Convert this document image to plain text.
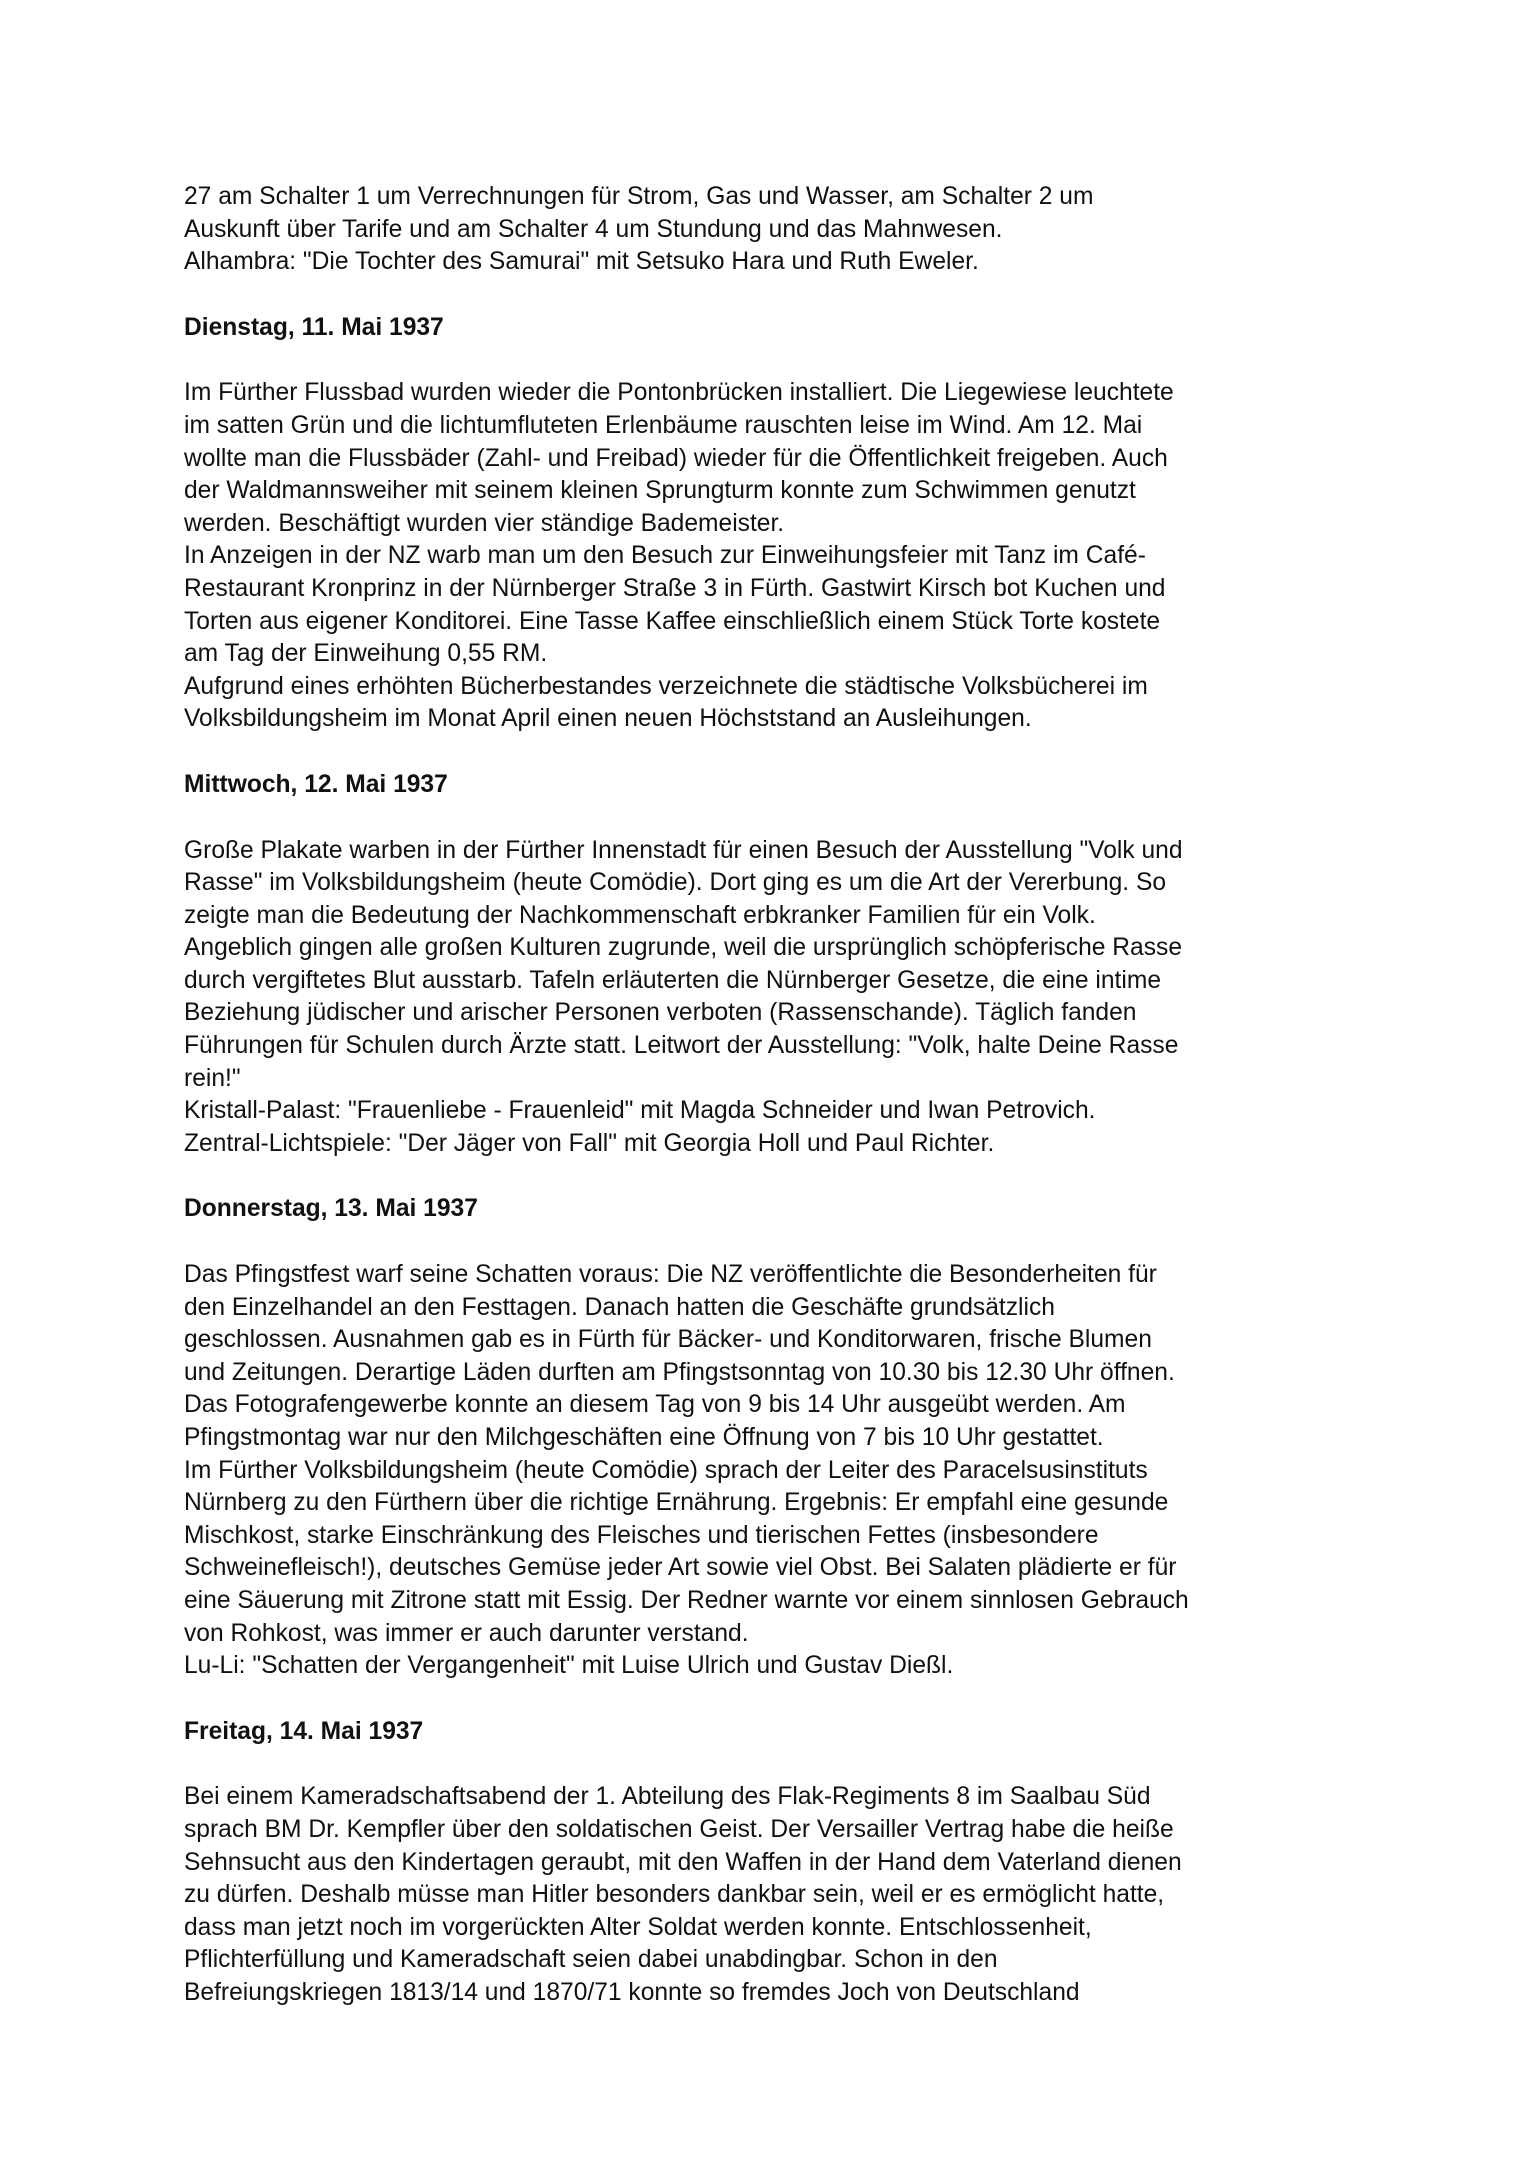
27 am Schalter 1 um Verrechnungen für Strom, Gas und Wasser, am Schalter 2 um
Auskunft über Tarife und am Schalter 4 um Stundung und das Mahnwesen.
Alhambra: "Die Tochter des Samurai" mit Setsuko Hara und Ruth Eweler.

Dienstag, 11. Mai 1937

Im Fürther Flussbad wurden wieder die Pontonbrücken installiert. Die Liegewiese leuchtete
im satten Grün und die lichtumfluteten Erlenbäume rauschten leise im Wind. Am 12. Mai
wollte man die Flussbäder (Zahl- und Freibad) wieder für die Öffentlichkeit freigeben. Auch
der Waldmannsweiher mit seinem kleinen Sprungturm konnte zum Schwimmen genutzt
werden. Beschäftigt wurden vier ständige Bademeister.
In Anzeigen in der NZ warb man um den Besuch zur Einweihungsfeier mit Tanz im Café-
Restaurant Kronprinz in der Nürnberger Straße 3 in Fürth. Gastwirt Kirsch bot Kuchen und
Torten aus eigener Konditorei. Eine Tasse Kaffee einschließlich einem Stück Torte kostete
am Tag der Einweihung 0,55 RM.
Aufgrund eines erhöhten Bücherbestandes verzeichnete die städtische Volksbücherei im
Volksbildungsheim im Monat April einen neuen Höchststand an Ausleihungen.

Mittwoch, 12. Mai 1937

Große Plakate warben in der Fürther Innenstadt für einen Besuch der Ausstellung "Volk und
Rasse" im Volksbildungsheim (heute Comödie). Dort ging es um die Art der Vererbung. So
zeigte man die Bedeutung der Nachkommenschaft erbkranker Familien für ein Volk.
Angeblich gingen alle großen Kulturen zugrunde, weil die ursprünglich schöpferische Rasse
durch vergiftetes Blut ausstarb. Tafeln erläuterten die Nürnberger Gesetze, die eine intime
Beziehung jüdischer und arischer Personen verboten (Rassenschande). Täglich fanden
Führungen für Schulen durch Ärzte statt. Leitwort der Ausstellung: "Volk, halte Deine Rasse
rein!"
Kristall-Palast: "Frauenliebe - Frauenleid" mit Magda Schneider und Iwan Petrovich.
Zentral-Lichtspiele: "Der Jäger von Fall" mit Georgia Holl und Paul Richter.

Donnerstag, 13. Mai 1937

Das Pfingstfest warf seine Schatten voraus: Die NZ veröffentlichte die Besonderheiten für
den Einzelhandel an den Festtagen. Danach hatten die Geschäfte grundsätzlich
geschlossen. Ausnahmen gab es in Fürth für Bäcker- und Konditorwaren, frische Blumen
und Zeitungen. Derartige Läden durften am Pfingstsonntag von 10.30 bis 12.30 Uhr öffnen.
Das Fotografengewerbe konnte an diesem Tag von 9 bis 14 Uhr ausgeübt werden. Am
Pfingstmontag war nur den Milchgeschäften eine Öffnung von 7 bis 10 Uhr gestattet.
Im Fürther Volksbildungsheim (heute Comödie) sprach der Leiter des Paracelsusinstituts
Nürnberg zu den Fürthern über die richtige Ernährung. Ergebnis: Er empfahl eine gesunde
Mischkost, starke Einschränkung des Fleisches und tierischen Fettes (insbesondere
Schweinefleisch!), deutsches Gemüse jeder Art sowie viel Obst. Bei Salaten plädierte er für
eine Säuerung mit Zitrone statt mit Essig. Der Redner warnte vor einem sinnlosen Gebrauch
von Rohkost, was immer er auch darunter verstand.
Lu-Li: "Schatten der Vergangenheit" mit Luise Ulrich und Gustav Dießl.

Freitag, 14. Mai 1937

Bei einem Kameradschaftsabend der 1. Abteilung des Flak-Regiments 8 im Saalbau Süd
sprach BM Dr. Kempfler über den soldatischen Geist. Der Versailler Vertrag habe die heiße
Sehnsucht aus den Kindertagen geraubt, mit den Waffen in der Hand dem Vaterland dienen
zu dürfen. Deshalb müsse man Hitler besonders dankbar sein, weil er es ermöglicht hatte,
dass man jetzt noch im vorgerückten Alter Soldat werden konnte. Entschlossenheit,
Pflichterfüllung und Kameradschaft seien dabei unabdingbar. Schon in den
Befreiungskriegen 1813/14 und 1870/71 konnte so fremdes Joch von Deutschland
